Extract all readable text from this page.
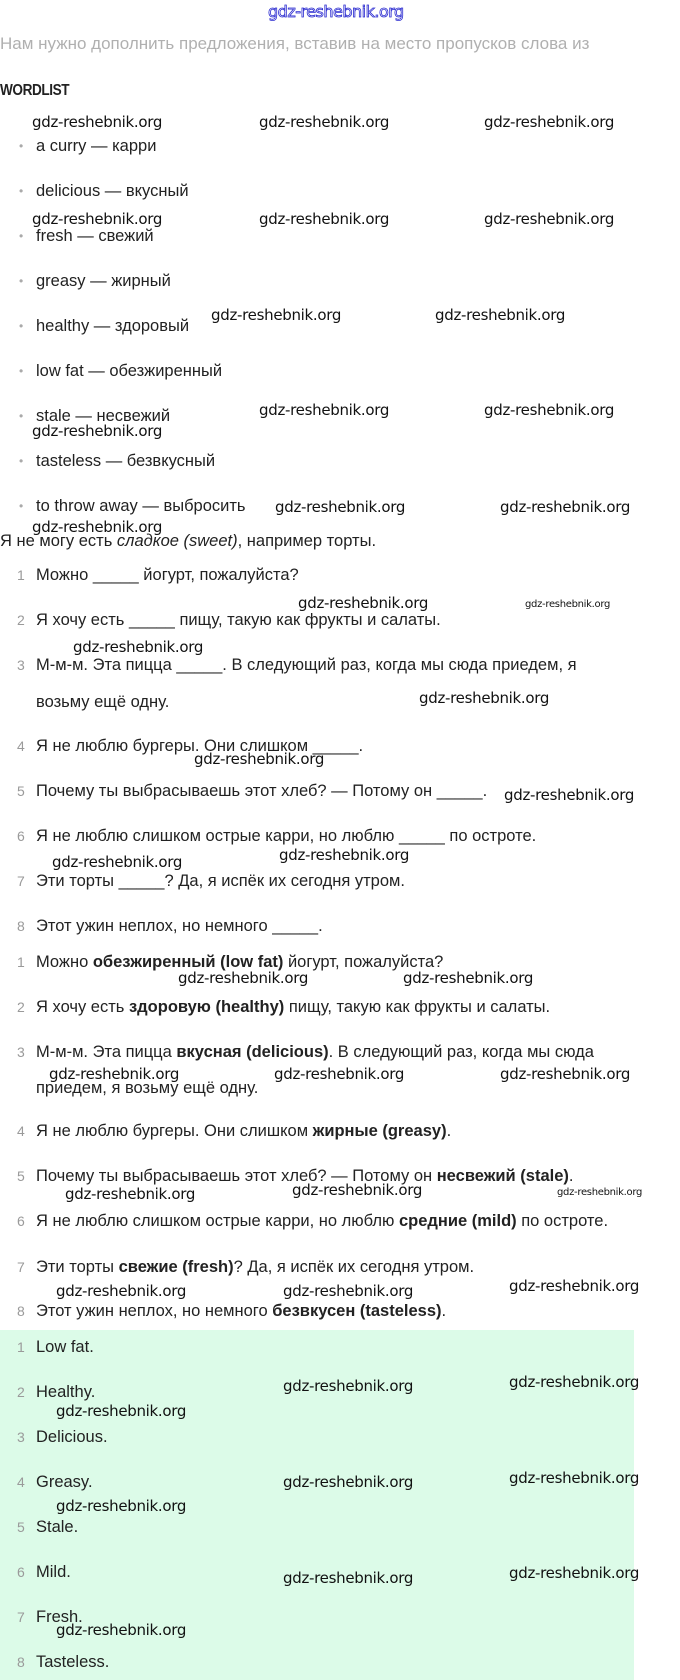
gdz-reshebnik.org
Нам нужно дополнить предложения, вставив на место пропусков слова из
WORDLIST
• a curry — карри
• delicious — вкусный
• fresh — свежий
• greasy — жирный
• healthy — здоровый
• low fat — обезжиренный
• stale — несвежий
• tasteless — безвкусный
• to throw away — выбросить
Я не могу есть сладкое (sweet), например торты.
1 Можно _____ йогурт, пожалуйста?
2 Я хочу есть _____ пищу, такую как фрукты и салаты.
3 М-м-м. Эта пицца _____. В следующий раз, когда мы сюда приедем, я
возьму ещё одну.
4 Я не люблю бургеры. Они слишком _____.
5 Почему ты выбрасываешь этот хлеб? — Потому он _____.
6 Я не люблю слишком острые карри, но люблю _____ по остроте.
7 Эти торты _____? Да, я испёк их сегодня утром.
8 Этот ужин неплох, но немного _____.
1 Можно обезжиренный (low fat) йогурт, пожалуйста?
2 Я хочу есть здоровую (healthy) пищу, такую как фрукты и салаты.
3 М-м-м. Эта пицца вкусная (delicious). В следующий раз, когда мы сюда
приедем, я возьму ещё одну.
4 Я не люблю бургеры. Они слишком жирные (greasy).
5 Почему ты выбрасываешь этот хлеб? — Потому он несвежий (stale).
6 Я не люблю слишком острые карри, но люблю средние (mild) по остроте.
7 Эти торты свежие (fresh)? Да, я испёк их сегодня утром.
8 Этот ужин неплох, но немного безвкусен (tasteless).
1 Low fat.
2 Healthy.
3 Delicious.
4 Greasy.
5 Stale.
6 Mild.
7 Fresh.
8 Tasteless.
gdz-reshebnik.org	gdz-reshebnik.org	gdz-reshebnik.org
gdz-reshebnik.org	gdz-reshebnik.org	gdz-reshebnik.org
gdz-reshebnik.org	gdz-reshebnik.org
gdz-reshebnik.org	gdz-reshebnik.org
gdz-reshebnik.org
gdz-reshebnik.org	gdz-reshebnik.org
gdz-reshebnik.org
gdz-reshebnik.org
gdz-reshebnik.org
gdz-reshebnik.org
gdz-reshebnik.org
gdz-reshebnik.org
gdz-reshebnik.org	gdz-reshebnik.org
gdz-reshebnik.org	gdz-reshebnik.org
gdz-reshebnik.org	gdz-reshebnik.org	gdz-reshebnik.org
gdz-reshebnik.org	gdz-reshebnik.org
gdz-reshebnik.org	gdz-reshebnik.org	gdz-reshebnik.org
gdz-reshebnik.org	gdz-reshebnik.org
gdz-reshebnik.org
gdz-reshebnik.org	gdz-reshebnik.org
gdz-reshebnik.org
gdz-reshebnik.org	gdz-reshebnik.org
gdz-reshebnik.org
gdz-reshebnik.org
gdz-reshebnik.org
